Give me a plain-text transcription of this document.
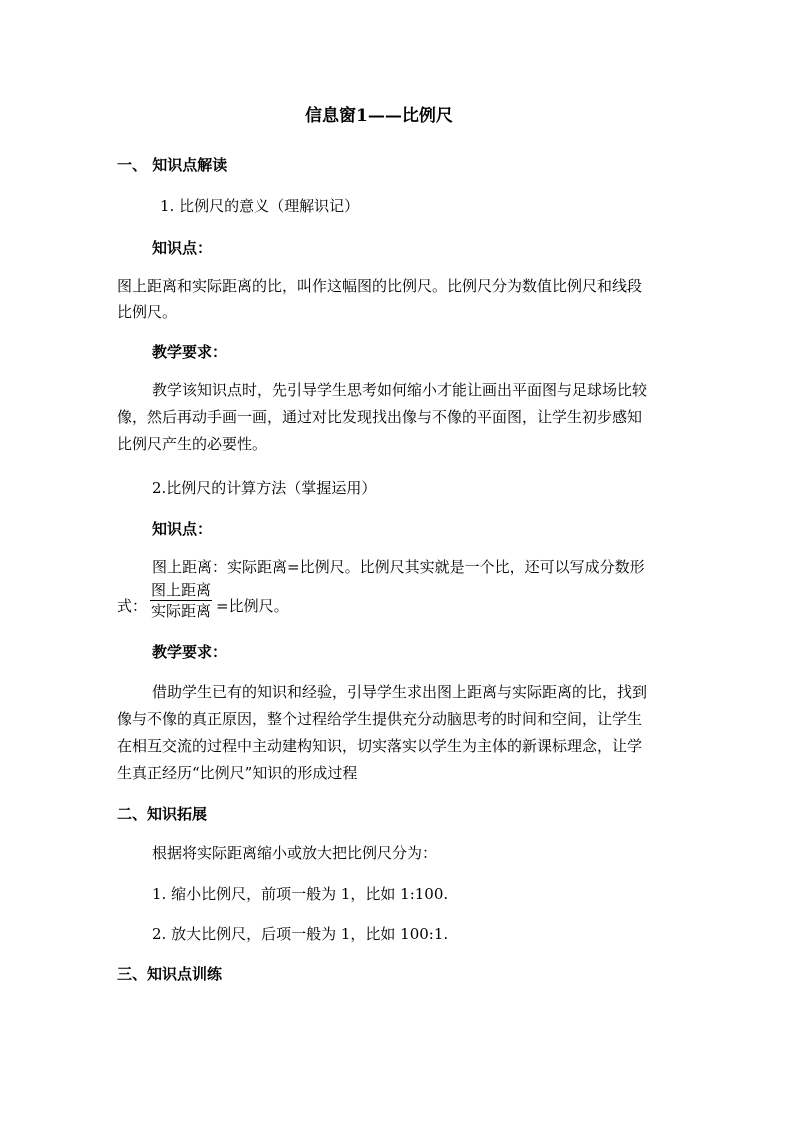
信息窗1——比例尺
一、 知识点解读
1. 比例尺的意义（理解识记）
知识点：
图上距离和实际距离的比，叫作这幅图的比例尺。比例尺分为数值比例尺和线段
比例尺。
教学要求：
教学该知识点时，先引导学生思考如何缩小才能让画出平面图与足球场比较
像，然后再动手画一画，通过对比发现找出像与不像的平面图，让学生初步感知
比例尺产生的必要性。
2.比例尺的计算方法（掌握运用）
知识点：
图上距离：实际距离=比例尺。比例尺其实就是一个比，还可以写成分数形
式：
图上距离
实际距离 =比例尺。
教学要求：
借助学生已有的知识和经验，引导学生求出图上距离与实际距离的比，找到
像与不像的真正原因，整个过程给学生提供充分动脑思考的时间和空间，让学生
在相互交流的过程中主动建构知识，切实落实以学生为主体的新课标理念，让学
生真正经历“比例尺”知识的形成过程
二、知识拓展
根据将实际距离缩小或放大把比例尺分为：
1. 缩小比例尺，前项一般为 1，比如 1:100.
2. 放大比例尺，后项一般为 1，比如 100:1.
三、知识点训练
